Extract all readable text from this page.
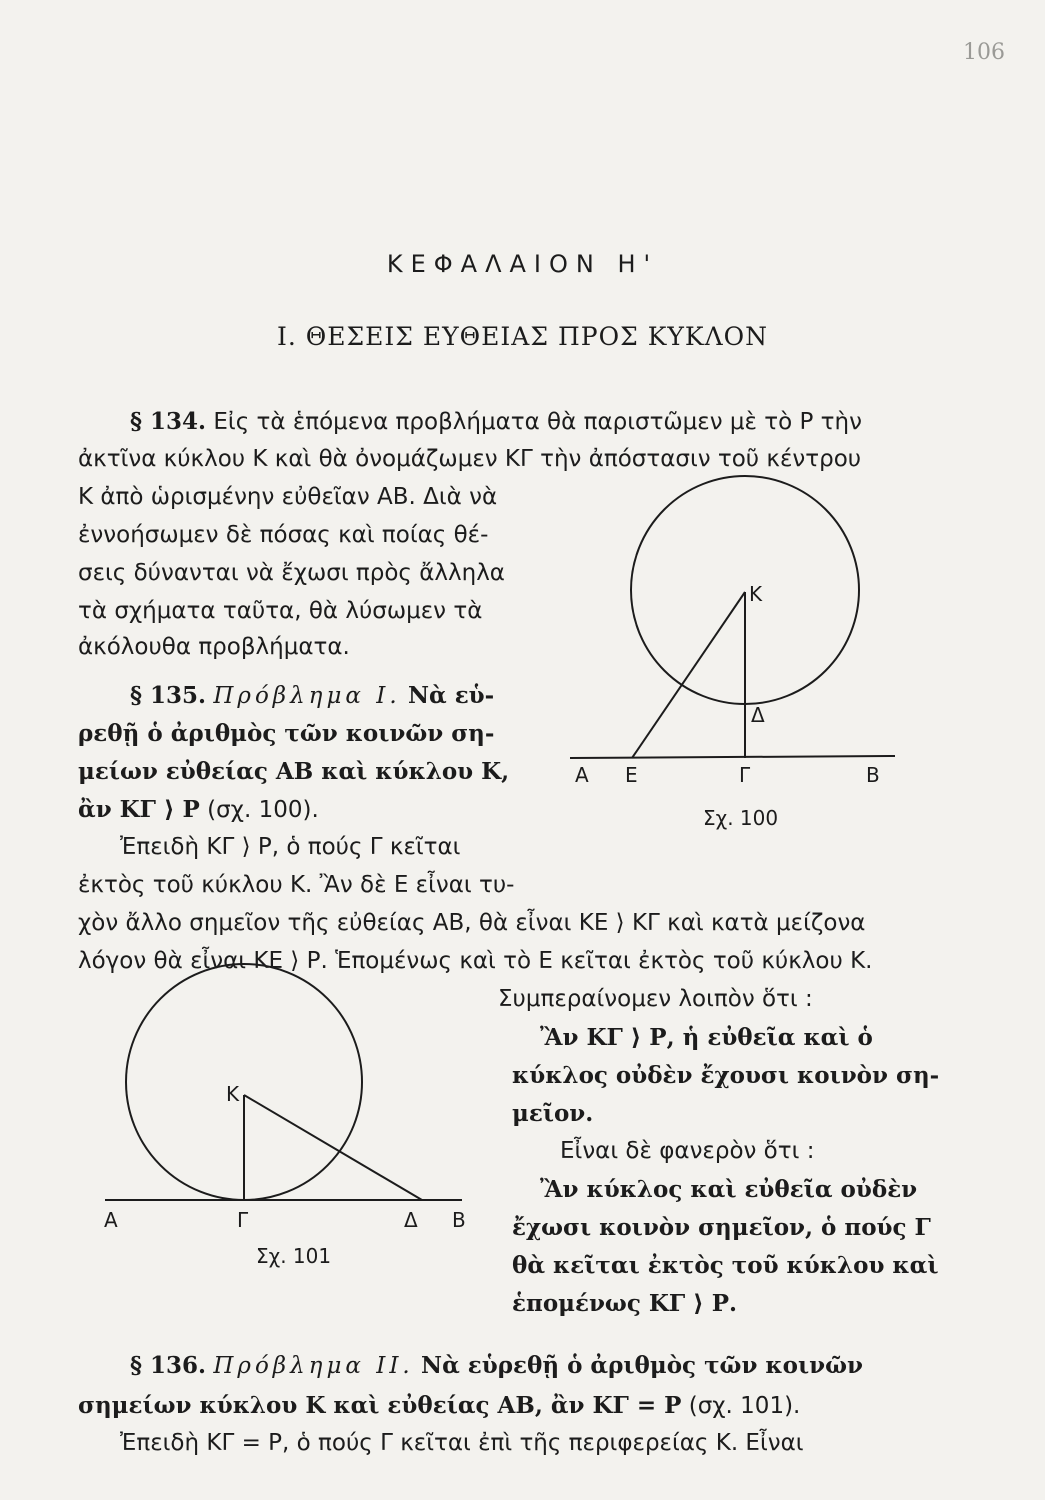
106
ΚΕΦΑΛΑΙΟΝ Η'
Ι. ΘΕΣΕΙΣ ΕΥΘΕΙΑΣ ΠΡΟΣ ΚΥΚΛΟΝ
§ 134. Εἰς τὰ ἑπόμενα προβλήματα θὰ παριστῶμεν μὲ τὸ Ρ τὴν
ἀκτῖνα κύκλου Κ καὶ θὰ ὀνομάζωμεν ΚΓ τὴν ἀπόστασιν τοῦ κέντρου
Κ ἀπὸ ὡρισμένην εὐθεῖαν ΑΒ. Διὰ νὰ
ἐννοήσωμεν δὲ πόσας καὶ ποίας θέ-
σεις δύνανται νὰ ἔχωσι πρὸς ἄλληλα
τὰ σχήματα ταῦτα, θὰ λύσωμεν τὰ
ἀκόλουθα προβλήματα.
§ 135. Πρόβλημα Ι. Νὰ εὑ-
ρεθῇ ὁ ἀριθμὸς τῶν κοινῶν ση-
μείων εὐθείας ΑΒ καὶ κύκλου Κ,
ἂν ΚΓ ⟩ Ρ (σχ. 100).
Ἐπειδὴ ΚΓ ⟩ Ρ, ὁ πούς Γ κεῖται
ἐκτὸς τοῦ κύκλου Κ. Ἂν δὲ Ε εἶναι τυ-
χὸν ἄλλο σημεῖον τῆς εὐθείας ΑΒ, θὰ εἶναι ΚΕ ⟩ ΚΓ καὶ κατὰ μείζονα
λόγον θὰ εἶναι ΚΕ ⟩ Ρ. Ἑπομένως καὶ τὸ Ε κεῖται ἐκτὸς τοῦ κύκλου Κ.
Συμπεραίνομεν λοιπὸν ὅτι :
Ἂν ΚΓ ⟩ Ρ, ἡ εὐθεῖα καὶ ὁ
κύκλος οὐδὲν ἔχουσι κοινὸν ση-
μεῖον.
Εἶναι δὲ φανερὸν ὅτι :
Ἂν κύκλος καὶ εὐθεῖα οὐδὲν
ἔχωσι κοινὸν σημεῖον, ὁ πούς Γ
θὰ κεῖται ἐκτὸς τοῦ κύκλου καὶ
ἑπομένως ΚΓ ⟩ Ρ.
§ 136. Πρόβλημα ΙΙ. Νὰ εὑρεθῇ ὁ ἀριθμὸς τῶν κοινῶν
σημείων κύκλου Κ καὶ εὐθείας ΑΒ, ἂν ΚΓ = Ρ (σχ. 101).
Ἐπειδὴ ΚΓ = Ρ, ὁ πούς Γ κεῖται ἐπὶ τῆς περιφερείας Κ. Εἶναι
Κ
Δ
Α Ε	Γ	Β
Σχ. 100
Κ
Α	Γ	Δ Β
Σχ. 101
